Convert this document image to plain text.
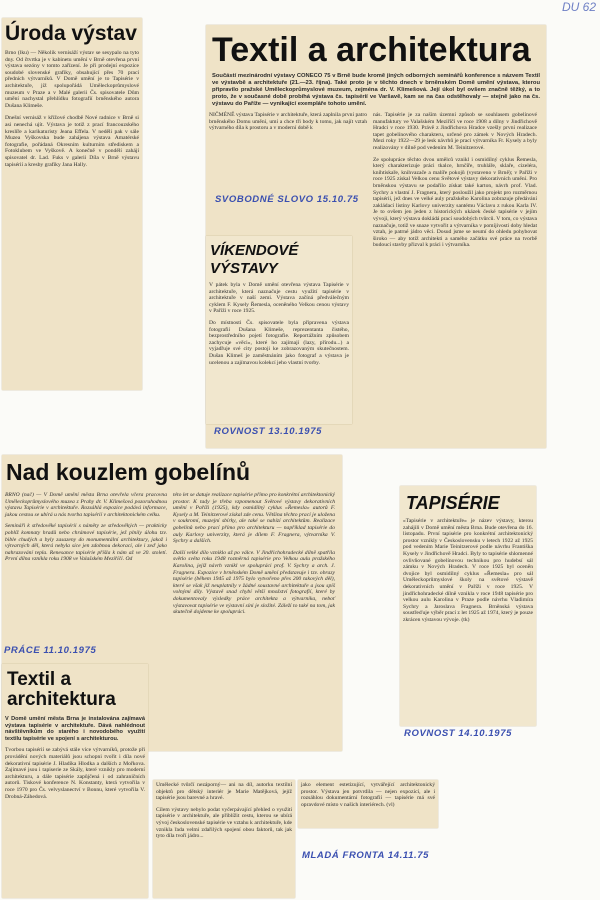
DU 62
Úroda výstav

Brno (lku) — Několik vernisáží výstav se sesypalo na tyto dny. Od čtvrtka je v kabinetu umění v Brně otevřena první výstava sezóny v tomto zařízení. Je při prodejní expozice soudobé slovenské grafiky, obsahující přes 70 prací předních výtvarníků. V Domě umění je to Tapisérie v architektuře, jíž spolupořádá Uměleckoprůmyslové muzeum v Praze a v Malé galerii Čs. spisovatele Dům umění nachystal přehlídku fotografií brněnského autora Dušana Klimeše.

Dnešní vernisáž v křížové chodbě Nové radnice v Brně si asi nenechá ujít. Výstava je totiž z prací francouzského kreslíře a karikaturisty Jeana Effela. V neděli pak v sále Muzea Vyškovska bude zahájena výstava Amatérské fotografie, pořádaná Okresním kulturním střediskem a Fotoklubem ve Vyškově. A konečně v pondělí zahájí spisovatel dr. Lad. Fuks v galerii Díla v Brně výstavu tapisérií a kresby grafiky Jana Hally.

Textil a architektura

Součástí mezinárodní výstavy CONECO 75 v Brně bude kromě jiných odborných seminářů konference s názvem Textil ve výstavbě a architektuře (21.—23. října). Také proto je v těchto dnech v brněnském Domě umění výstava, kterou připravilo pražské Uměleckoprůmyslové muzeum, zejména dr. V. Klimešová. Její úkol byl ovšem značně těžký, a to proto, že v současné době probíhá výstava čs. tapisérií ve Varšavě, kam se na čas odstěhovaly — stejně jako na čs. výstavu do Paříže — vynikající exempláře tohoto umění.

NIČMÉNĚ výstava Tapisérie v architektuře, která zaplnila první patro brněnského Domu umění, umí a chce tři body k tomu, jak najít vztah výtvarného díla k prostoru a v moderní době k

nás. Tapisérie je za naším územní způsob se souhlasem gobelínové manufaktury ve Valašském Meziříčí ve roce 1908 a dílny v Jindřichově Hradci v roce 1930. Právě z Jindřichova Hradce vzešly první realizace tapet gobelínového charakteru, určené pro zámek v Nových Hradech. Mezi roky 1922—29 je lesk návrhů je prací výtvarníka Fr. Kysely a byly realizovány v dílně pod vedením M. Teinitzerové.

Ze spolupráce těchto dvou umělců vznikl i osmidílný cyklus Řemesla, který charakterizuje práci tkalce, hrnčíře, truhláře, sklaře, cizeléra, knihtiskaře, knihvazače a malíře pokojů (vystaveno v Brně); v Paříži v roce 1925 získal Velkou cenu Světové výstavy dekorativních umění. Pro brněnskou výstavu se podařilo získat také karton, návrh prof. Vlad. Sychry a vlastní J. Fragnera, který posloužil jako projekt pro rozměrnou tapisérii, jež dnes ve velké auly pražského Karolina zobrazuje předávání zakládací listiny Karlovy univerzity santému Václavu z rukou Karla IV. Je to ovšem jen jeden z historických ukázek české tapisérie v jejím vývoji, který výstava dokládá prací soudobých tvůrců. V tom, co výstava naznačuje, totiž ve snaze vytvořit a výtvarníka v pomíjivosti doby hledat vztah, je patrné jádro věci. Dosud jsme se neumí do ohledu pohybovat široko — aby totiž architekti a samého začátku své práce na tvorbě budoucí stavby přizval k práci i výtvarníka.

SVOBODNÉ SLOVO 15.10.75
VÍKENDOVÉ VÝSTAVY

V pátek byla v Domě umění otevřena výstava Tapisérie v architektuře, která naznačuje cestu využití tapisérie v architektuře v naší zemi. Výstava začíná předválečným cyklem F. Kysely Řemesla, oceněného Velkou cenou výstavy v Paříži v roce 1925.

Do místnosti Čs. spisovatele byla připravena výstava fotografií Dušana Klimeše, reprezentanta čistého, bezprostředního pojetí fotografie. Reportážním způsobem zachycuje »věci«, které ho zajímají (lazy, přírodu...) a vyjadřuje své city postoji ke zobrazovaným skutečnostem. Dušan Klimeš je zaměstnáním jako fotograf a výstava je ucelenou a zajímavou kolekcí jeho vlastní tvorby.

ROVNOST 13.10.1975
Nad kouzlem gobelínů

BRNO (nač) — V Domě umění města Brna otevřela včera pracovna Uměleckoprůmyslového muzea z Prahy dr. V. Klimešová pozoruhodnou výstavu Tapisérie v architektuře. Rozsáhlá expozice podává informace, jakou cestou se ubírá u nás tvorba tapisérií v architektonickém celku.

Semináři k středověké tapisérii s náměty ze středověkých — prakticky poblíž komnaty hradů nebo chrámové tapisérie, jež plnily úlohu tzv. bible chudých a byly zasazeny do monumentální architektury, jakož i výtvarných děl, která nebyla sice jen zdobnou dekorací, ale i zeď jako nahrazování tepla. Renesance tapisérie přišla k nám až ve 20. století. První dílna vznikla roku 1908 ve Valašském Meziříčí. Od

této let se datuje realizace tapisérie přímo pro konkrétní architektonický prostor. K tady je třeba vzpomenout Světové výstavy dekorativních umění v Paříži (1925), kdy osmidílný cyklus »Řemesla« autorů F. Kysely a M. Teinitzerové získal zde cenu. Většina těchto prací je uložena v soukromí, muzejní sbírky, ale také se nabízí architektům. Realizace gobelínů nebo prací přímo pro architekturu — například tapisérie do auly Karlovy univerzity, která je dílem F. Fragnera, výtvarníka V. Sychry a dalších.

Další velké dílo vzniklo až po válce. V Jindřichohradecké dílně spatřila světlo světa roku 1948 rozměrná tapisérie pro Velkou aulu pražského Karolina, jejíž návrh vznikl ve spolupráci prof. V. Sychry a arch. J. Fragnera. Expozice v brněnském Domě umění představuje i tzv. obrazy tapisérie (během 1945 až 1975 bylo vytvořeno přes 200 takových děl), které se však již neuplatnily v žádné soustavné architektuře a jsou spíš volnými díly. Výstavě snad chybí větší množství fotografií, které by dokumentovaly výsledky práce architekta a výtvarníka, neboť výstavovat tapisérie ve výstavní síni je složité. Záleží to také na tom, jak skutečně dojdeme ke spolupráci.

PRÁCE 11.10.1975
Textil a architektura

V Domě umění města Brna je instalována zajímavá výstava tapisérie v architektuře. Dává nahlédnout návštěvníkům do starého i novodobého využití textilu tapisérie ve spojení s architekturou.

Tvorbou tapisérií se zabývá stále více výtvarníků, protože při provádění nových materiálů jsou schopni tvořit i díla nové dekorativní tapisérie J. Hladíka Hlodka a dalších z Mořkova. Zajímavé jsou i tapiserie ze Skály, které vznikly pro moderní architekturu, a dále tapisérie zapůjčená i od zahraničních autorů. Tiskové konference N. Konstanty, která vytvořila v roce 1970 pro Čs. velvyslanectví v Bonnu, které vytvořila V. Drobná-Záhedová.

TAPISÉRIE

»Tapisérie v architektuře« je název výstavy, kterou zahájili v Domě umění města Brna. Bude otevřena do 16. listopadu. První tapisérie pro konkrétní architektonický prostor vznikly v Československu v letech 1922 až 1925 pod vedením Marie Teinitzerové podle návrhu Františka Kysely v Jindřichově Hradci. Byly to tapisérie shlomenné ovlivňované gobelínovou technikou pro hudebsí sál zámku v Nových Hradech. V roce 1925 byl oceněn dvojice byl osmidílný cyklus »Řemesla« pro sál Uměleckoprůmyslové školy na světové výstavě dekorativních umění v Paříži v roce 1925. V jindřichohradecké dílně vznikla v roce 1948 tapisérie pro velkou aulu Karolina v Praze podle návrhu Vladimíra Sychry a Jaroslava Fragnera. Brněnská výstava soustřeďuje výběr prací z let 1925 až 1974, který je pouze zkrácen výstavou vývoje. (tk)

ROVNOST 14.10.1975

Umělecké tvůrčí nezáporný— ani na díl, autorku textilní objektů pro dětský interiér je Marie Matějková, jejíž tapisérie jsou barevné a hravé.

Cílem výstavy nebylo podat vyčerpávající přehled o využití tapisérie v architektuře, ale přiblížit cestu, kterou se ubírá vývoj československé tapisérie ve vztahu k architektuře, kde vznikla řada velmi zdařilých spojení obou faktorů, tak jak tyto díla tvoří jádro...

jako element estetizující, vytvářející architektonický prostor. Výstava jen potvrdila — nejen expozicí, ale i rozsáhlou dokumentární fotografií — tapisérie má své opravdové místo v našich interiérech. (vl)

MLADÁ FRONTA 14.11.75
